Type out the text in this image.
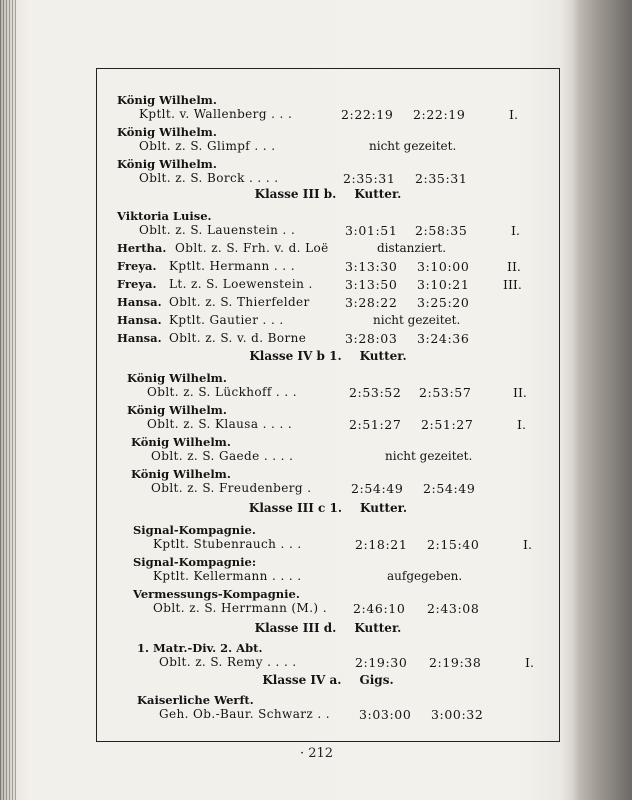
König Wilhelm.
Kptlt. v. Wallenberg . . .	2:22:19 2:22:19	I.
König Wilhelm.
Oblt. z. S. Glimpf . . .	nicht gezeitet.
König Wilhelm.
Oblt. z. S. Borck . . . .	2:35:31 2:35:31
Klasse III b. Kutter.
Viktoria Luise.
Oblt. z. S. Lauenstein . .	3:01:51 2:58:35	I.
Hertha. Oblt. z. S. Frh. v. d. Loë	distanziert.
Freya. Kptlt. Hermann . . .	3:13:30 3:10:00	II.
Freya. Lt. z. S. Loewenstein .	3:13:50 3:10:21	III.
Hansa. Oblt. z. S. Thierfelder	3:28:22 3:25:20
Hansa. Kptlt. Gautier . . .	nicht gezeitet.
Hansa. Oblt. z. S. v. d. Borne	3:28:03 3:24:36
Klasse IV b 1. Kutter.
König Wilhelm.
Oblt. z. S. Lückhoff . . .	2:53:52 2:53:57	II.
König Wilhelm.
Oblt. z. S. Klausa . . . .	2:51:27 2:51:27	I.
König Wilhelm.
Oblt. z. S. Gaede . . . .	nicht gezeitet.
König Wilhelm.
Oblt. z. S. Freudenberg .	2:54:49 2:54:49
Klasse III c 1. Kutter.
Signal-Kompagnie.
Kptlt. Stubenrauch . . .	2:18:21 2:15:40	I.
Signal-Kompagnie:
Kptlt. Kellermann . . . .	aufgegeben.
Vermessungs-Kompagnie.
Oblt. z. S. Herrmann (M.) . 2:46:10 2:43:08
Klasse III d. Kutter.
1. Matr.-Div. 2. Abt.
Oblt. z. S. Remy . . . .	2:19:30 2:19:38	I.
Klasse IV a. Gigs.
Kaiserliche Werft.
Geh. Ob.-Baur. Schwarz . . 3:03:00 3:00:32
· 212
